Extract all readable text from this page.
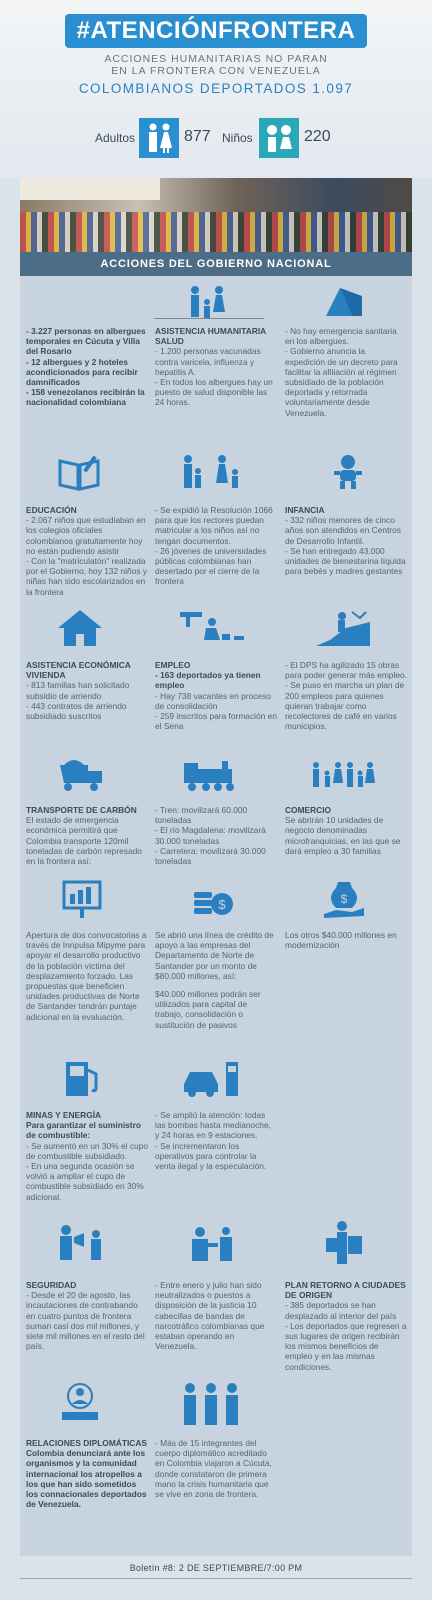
#ATENCIÓNFRONTERA
ACCIONES HUMANITARIAS NO PARAN
EN LA FRONTERA CON VENEZUELA
COLOMBIANOS DEPORTADOS 1.097
Adultos	877 Niños	220
ACCIONES DEL GOBIERNO NACIONAL

- 3.227 personas en albergues temporales en Cúcuta y Villa del Rosario

- 12 albergues y 2 hoteles acondicionados para recibir damnificados

- 158 venezolanos recibirán la nacionalidad colombiana

ASISTENCIA HUMANITARIA

SALUD

- 1.200 personas vacunadas contra varicela, influenza y hepatitis A.

- En todos los albergues hay un puesto de salud disponible las 24 horas.

- No hay emergencia sanitaria en los albergues.

- Gobierno anuncia la expedición de un decreto para facilitar la afiliación al régimen subsidiado de la población deportada y retornada voluntariamente desde Venezuela.

EDUCACIÓN

- 2.067 niños que estudiaban en los colegios oficiales colombianos gratuitamente hoy no están pudiendo asistir

- Con la "matriculatón" realizada por el Gobierno, hoy 132 niños y niñas han sido escolarizados en la frontera

- Se expidió la Resolución 1066 para que los rectores puedan matricular a los niños así no tengan documentos.

- 26 jóvenes de universidades públicas colombianas han desertado por el cierre de la frontera

INFANCIA

- 332 niños menores de cinco años son atendidos en Centros de Desarrollo Infantil.

- Se han entregado 43.000 unidades de bienestarina líquida para bebés y madres gestantes

ASISTENCIA ECONÓMICA

VIVIENDA

- 813 familias han solicitado subsidio de arriendo

- 443 contratos de arriendo subsidiado suscritos

EMPLEO

- 163 deportados ya tienen empleo

- Hay 738 vacantes en proceso de consolidación

- 259 inscritos para formación en el Sena

- El DPS ha agilizado 15 obras para poder generar más empleo.

- Se puso en marcha un plan de 200 empleos para quienes quieran trabajar como recolectores de café en varios municipios.

TRANSPORTE DE CARBÓN

El estado de emergencia económica permitirá que Colombia transporte 120mil toneladas de carbón represado en la frontera así:

- Tren: movilizará 60.000 toneladas

- El río Magdalena: movilizará 30.000 toneladas

- Carretera: movilizará 30.000 toneladas

COMERCIO

Se abrirán 10 unidades de negocio denominadas microfranquicias, en las que se dará empleo a 30 familias

$	$

Apertura de dos convocatorias a través de Innpulsa Mipyme para apoyar el desarrollo productivo de la población víctima del desplazamiento forzado. Las propuestas que beneficien unidades productivas de Norte de Santander tendrán puntaje adicional en la evaluación.

Se abrió una línea de crédito de apoyo a las empresas del Departamento de Norte de Santander por un monto de $80.000 millones, así:

$40.000 millones podrán ser utilizados para capital de trabajo, consolidación o sustitución de pasivos

Los otros $40.000 millones en modernización

MINAS Y ENERGÍA

Para garantizar el suministro de combustible:

- Se aumentó en un 30% el cupo de combustible subsidiado.

- En una segunda ocasión se volvió a ampliar el cupo de combustible subsidiado en 30% adicional.

- Se amplió la atención: todas las bombas hasta medianoche, y 24 horas en 9 estaciones.

- Se incrementaron los operativos para controlar la venta ilegal y la especulación.

SEGURIDAD

- Desde el 20 de agosto, las incautaciones de contrabando en cuatro puntos de frontera suman casi dos mil millones, y siete mil millones en el resto del país.

- Entre enero y julio han sido neutralizados o puestos a disposición de la justicia 10 cabecillas de bandas de narcotráfico colombianas que estaban operando en Venezuela.

PLAN RETORNO A CIUDADES DE ORIGEN

- 385 deportados se han desplazado al interior del país

- Los deportados que regresen a sus lugares de origen recibirán los mismos beneficios de empleo y en las mismas condiciones.

RELACIONES DIPLOMÁTICAS

Colombia denunciará ante los organismos y la comunidad internacional los atropellos a los que han sido sometidos los connacionales deportados de Venezuela.

- Más de 15 integrantes del cuerpo diplomático acreditado en Colombia viajaron a Cúcuta, donde constataron de primera mano la crisis humanitaria que se vive en zona de frontera.

Boletín #8: 2 DE SEPTIEMBRE/7:00 PM
